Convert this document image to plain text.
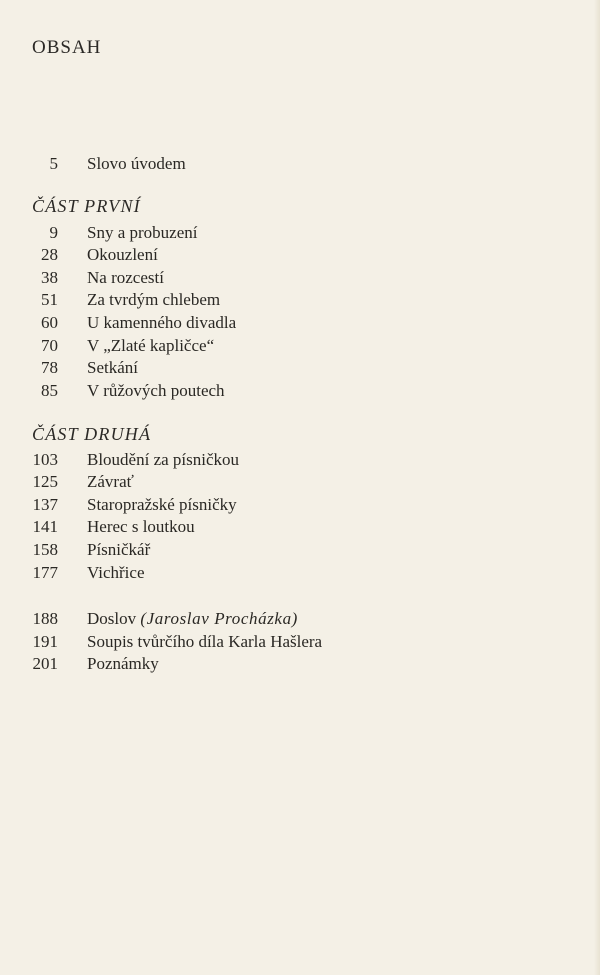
OBSAH
5 Slovo úvodem
ČÁST PRVNÍ
9 Sny a probuzení
28 Okouzlení
38 Na rozcestí
51 Za tvrdým chlebem
60 U kamenného divadla
70 V „Zlaté kapličce“
78 Setkání
85 V růžových poutech
ČÁST DRUHÁ
103 Bloudění za písničkou
125 Závrať
137 Staropražské písničky
141 Herec s loutkou
158 Písničkář
177 Vichřice
188 Doslov (Jaroslav Procházka)
191 Soupis tvůrčího díla Karla Hašlera
201 Poznámky
